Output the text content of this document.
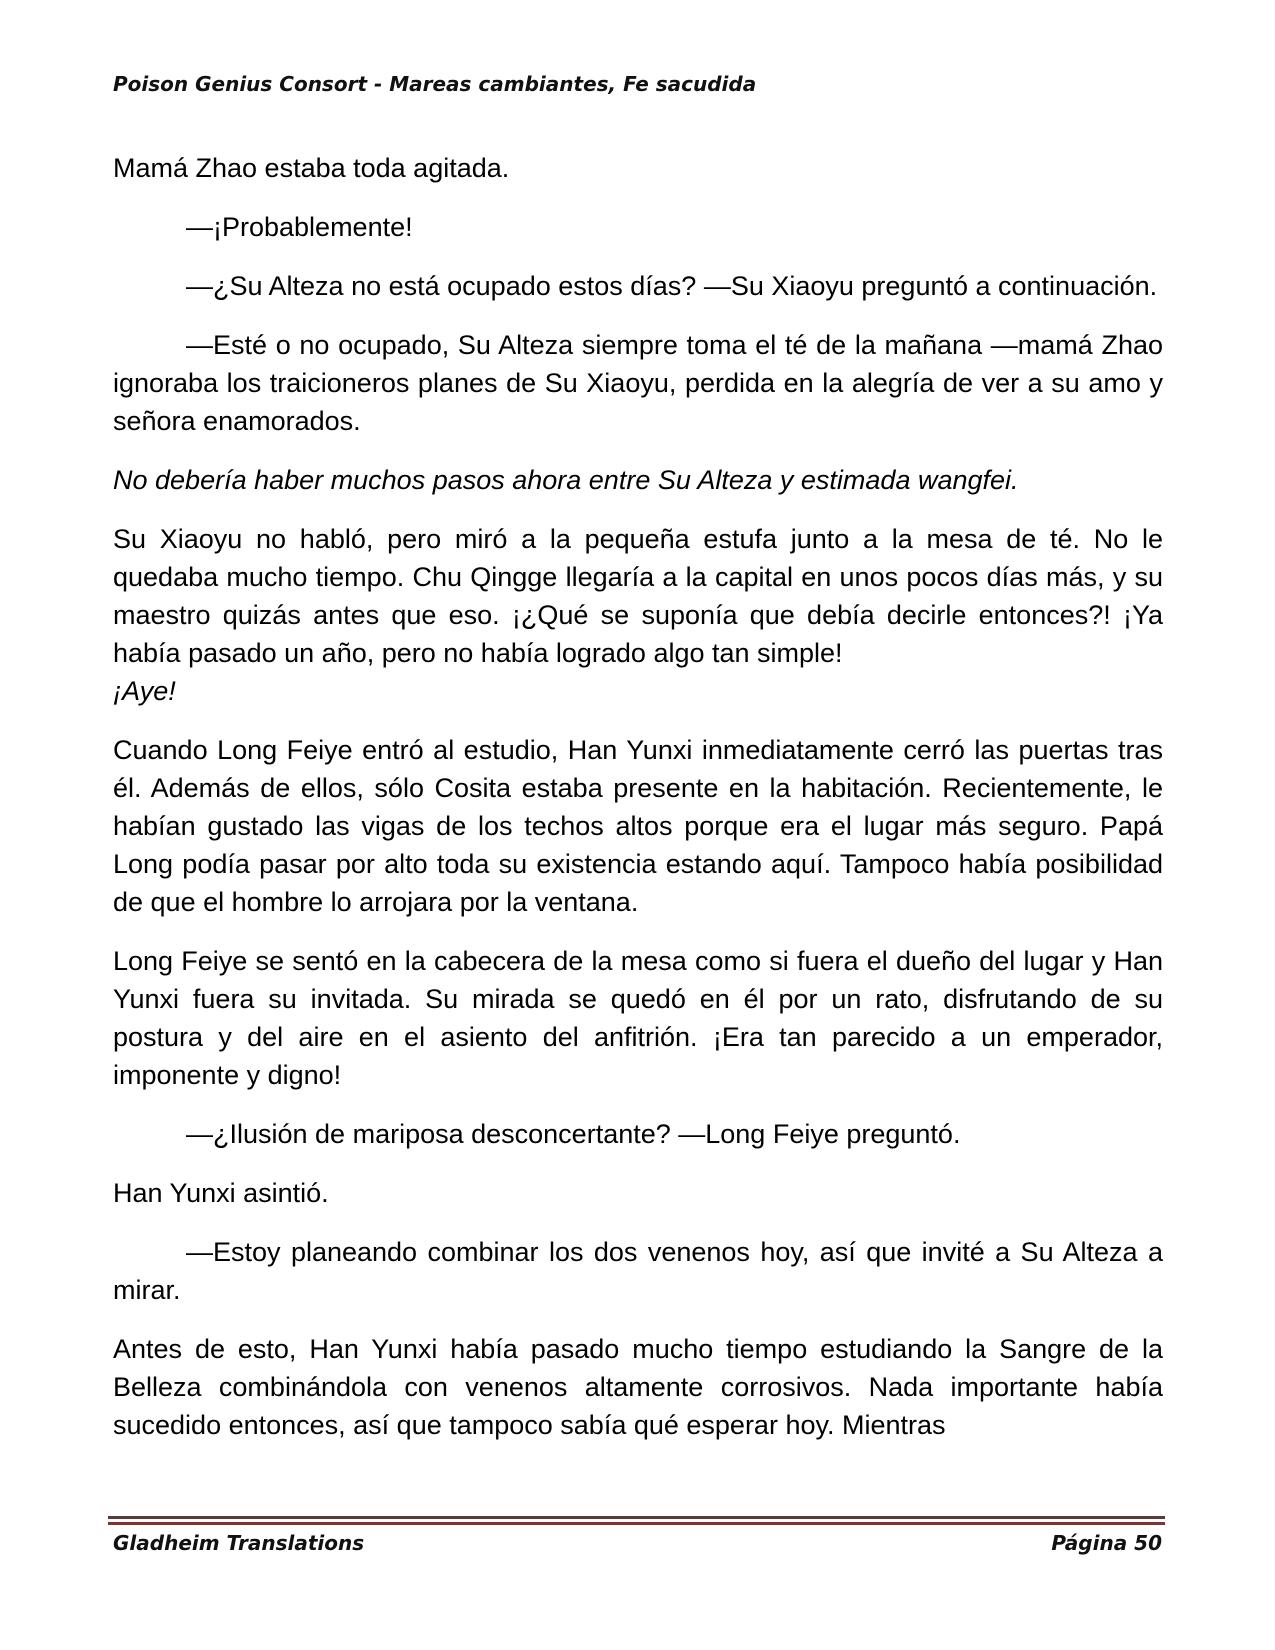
Poison Genius Consort - Mareas cambiantes, Fe sacudida

Mamá Zhao estaba toda agitada.

—¡Probablemente!

—¿Su Alteza no está ocupado estos días? —Su Xiaoyu preguntó a continuación.

—Esté o no ocupado, Su Alteza siempre toma el té de la mañana —mamá Zhao ignoraba los traicioneros planes de Su Xiaoyu, perdida en la alegría de ver a su amo y señora enamorados.

No debería haber muchos pasos ahora entre Su Alteza y estimada wangfei.

Su Xiaoyu no habló, pero miró a la pequeña estufa junto a la mesa de té. No le quedaba mucho tiempo. Chu Qingge llegaría a la capital en unos pocos días más, y su maestro quizás antes que eso. ¡¿Qué se suponía que debía decirle entonces?! ¡Ya había pasado un año, pero no había logrado algo tan simple!
¡Aye!

Cuando Long Feiye entró al estudio, Han Yunxi inmediatamente cerró las puertas tras él. Además de ellos, sólo Cosita estaba presente en la habitación. Recientemente, le habían gustado las vigas de los techos altos porque era el lugar más seguro. Papá Long podía pasar por alto toda su existencia estando aquí. Tampoco había posibilidad de que el hombre lo arrojara por la ventana.

Long Feiye se sentó en la cabecera de la mesa como si fuera el dueño del lugar y Han Yunxi fuera su invitada. Su mirada se quedó en él por un rato, disfrutando de su postura y del aire en el asiento del anfitrión. ¡Era tan parecido a un emperador, imponente y digno!

—¿Ilusión de mariposa desconcertante? —Long Feiye preguntó.

Han Yunxi asintió.

—Estoy planeando combinar los dos venenos hoy, así que invité a Su Alteza a mirar.

Antes de esto, Han Yunxi había pasado mucho tiempo estudiando la Sangre de la Belleza combinándola con venenos altamente corrosivos. Nada importante había sucedido entonces, así que tampoco sabía qué esperar hoy. Mientras

Gladheim Translations	Página 50
